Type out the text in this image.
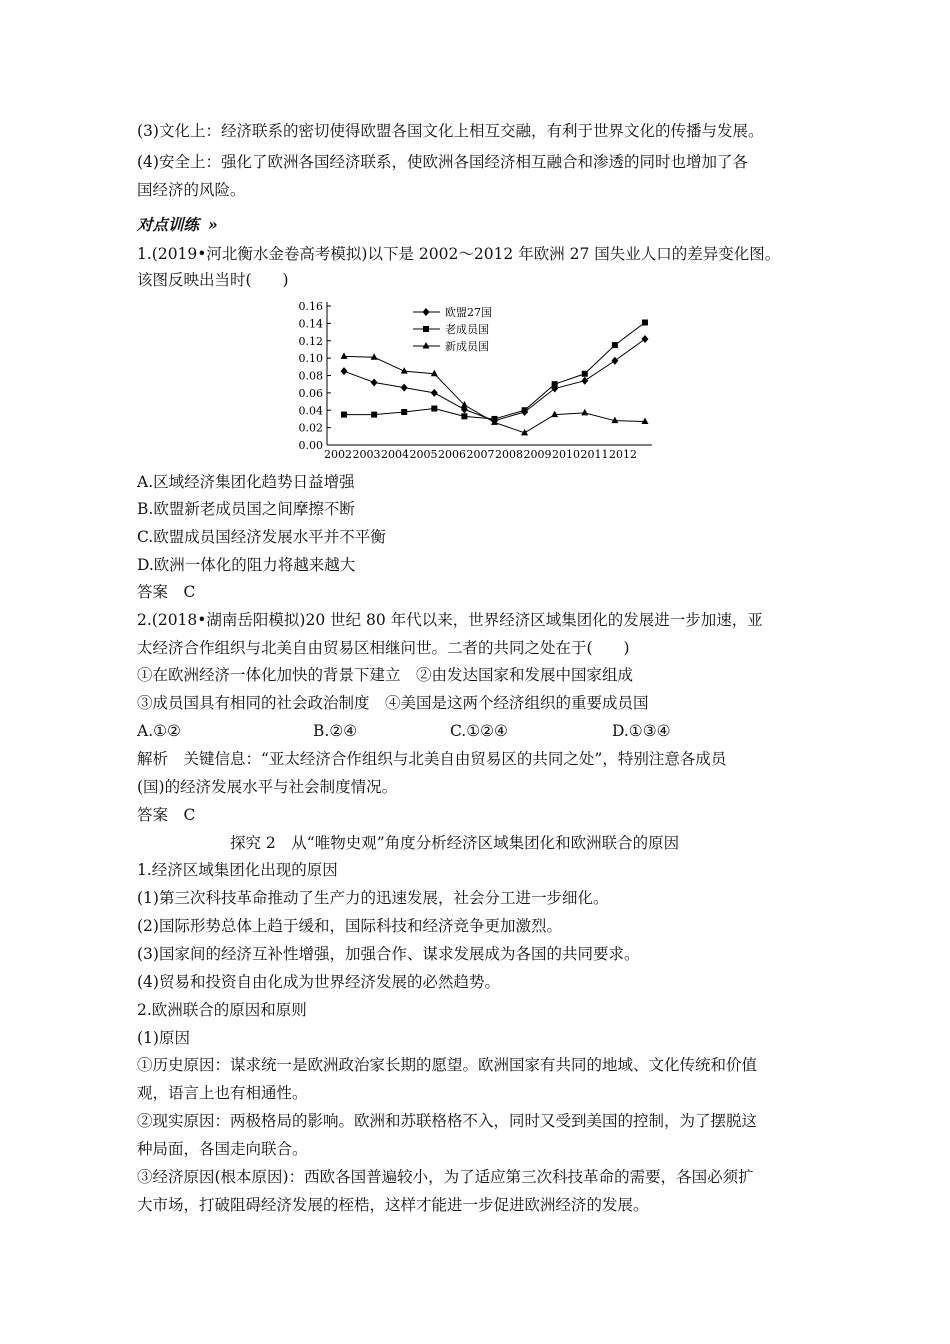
(3)文化上：经济联系的密切使得欧盟各国文化上相互交融，有利于世界文化的传播与发展。
(4)安全上：强化了欧洲各国经济联系，使欧洲各国经济相互融合和渗透的同时也增加了各
国经济的风险。
对点训练 »
1.(2019•河北衡水金卷高考模拟)以下是 2002～2012 年欧洲 27 国失业人口的差异变化图。
该图反映出当时(　　)
0.16
0.14
0.12
0.10
0.08
0.06
0.04
0.02
0.00
2002 2003 2004 2005 2006 2007 2008 2009 2010 2011 2012
欧盟27国
老成员国
新成员国
A.区域经济集团化趋势日益增强
B.欧盟新老成员国之间摩擦不断
C.欧盟成员国经济发展水平并不平衡
D.欧洲一体化的阻力将越来越大
答案　C
2.(2018•湖南岳阳模拟)20 世纪 80 年代以来，世界经济区域集团化的发展进一步加速，亚
太经济合作组织与北美自由贸易区相继问世。二者的共同之处在于(　　)
①在欧洲经济一体化加快的背景下建立　②由发达国家和发展中国家组成
③成员国具有相同的社会政治制度　④美国是这两个经济组织的重要成员国
A.①②	B.②④	C.①②④	D.①③④
解析　关键信息：“亚太经济合作组织与北美自由贸易区的共同之处”，特别注意各成员
(国)的经济发展水平与社会制度情况。
答案　C
探究 2　从“唯物史观”角度分析经济区域集团化和欧洲联合的原因
1.经济区域集团化出现的原因
(1)第三次科技革命推动了生产力的迅速发展，社会分工进一步细化。
(2)国际形势总体上趋于缓和，国际科技和经济竞争更加激烈。
(3)国家间的经济互补性增强，加强合作、谋求发展成为各国的共同要求。
(4)贸易和投资自由化成为世界经济发展的必然趋势。
2.欧洲联合的原因和原则
(1)原因
①历史原因：谋求统一是欧洲政治家长期的愿望。欧洲国家有共同的地域、文化传统和价值
观，语言上也有相通性。
②现实原因：两极格局的影响。欧洲和苏联格格不入，同时又受到美国的控制，为了摆脱这
种局面，各国走向联合。
③经济原因(根本原因)：西欧各国普遍较小，为了适应第三次科技革命的需要，各国必须扩
大市场，打破阻碍经济发展的桎梏，这样才能进一步促进欧洲经济的发展。
